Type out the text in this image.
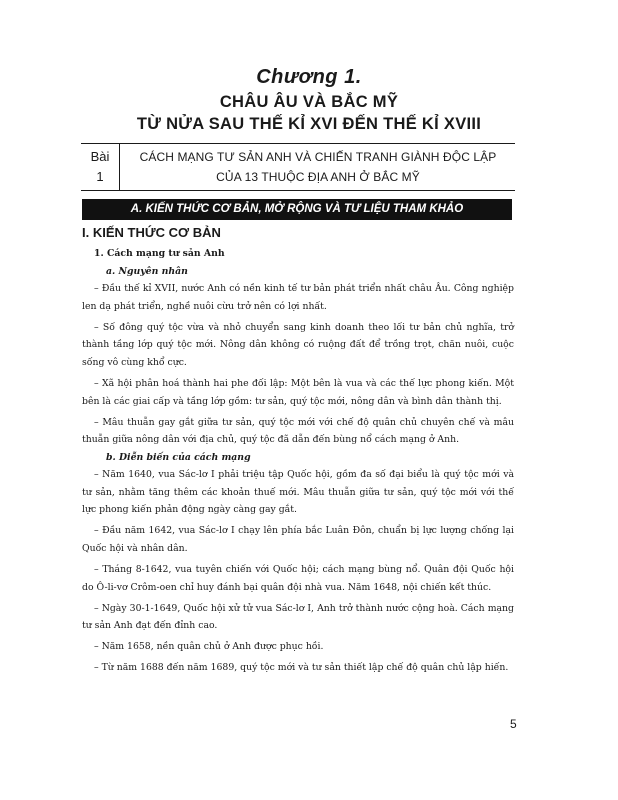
Chương 1.
CHÂU ÂU VÀ BẮC MỸ
TỪ NỬA SAU THẾ KỈ XVI ĐẾN THẾ KỈ XVIII
Bài
1
CÁCH MẠNG TƯ SẢN ANH VÀ CHIẾN TRANH GIÀNH ĐỘC LẬP
CỦA 13 THUỘC ĐỊA ANH Ở BẮC MỸ
A. KIẾN THỨC CƠ BẢN, MỞ RỘNG VÀ TƯ LIỆU THAM KHẢO
I. KIẾN THỨC CƠ BẢN

1. Cách mạng tư sản Anh

a. Nguyên nhân

– Đầu thế kỉ XVII, nước Anh có nền kinh tế tư bản phát triển nhất châu Âu. Công nghiệp len dạ phát triển, nghề nuôi cừu trở nên có lợi nhất.

– Số đông quý tộc vừa và nhỏ chuyển sang kinh doanh theo lối tư bản chủ nghĩa, trở thành tầng lớp quý tộc mới. Nông dân không có ruộng đất để trồng trọt, chăn nuôi, cuộc sống vô cùng khổ cực.

– Xã hội phân hoá thành hai phe đối lập: Một bên là vua và các thế lực phong kiến. Một bên là các giai cấp và tầng lớp gồm: tư sản, quý tộc mới, nông dân và bình dân thành thị.

– Mâu thuẫn gay gắt giữa tư sản, quý tộc mới với chế độ quân chủ chuyên chế và mâu thuẫn giữa nông dân với địa chủ, quý tộc đã dẫn đến bùng nổ cách mạng ở Anh.

b. Diễn biến của cách mạng

– Năm 1640, vua Sác-lơ I phải triệu tập Quốc hội, gồm đa số đại biểu là quý tộc mới và tư sản, nhằm tăng thêm các khoản thuế mới. Mâu thuẫn giữa tư sản, quý tộc mới với thế lực phong kiến phản động ngày càng gay gắt.

– Đầu năm 1642, vua Sác-lơ I chạy lên phía bắc Luân Đôn, chuẩn bị lực lượng chống lại Quốc hội và nhân dân.

– Tháng 8-1642, vua tuyên chiến với Quốc hội; cách mạng bùng nổ. Quân đội Quốc hội do Ô-li-vơ Crôm-oen chỉ huy đánh bại quân đội nhà vua. Năm 1648, nội chiến kết thúc.

– Ngày 30-1-1649, Quốc hội xử tử vua Sác-lơ I, Anh trở thành nước cộng hoà. Cách mạng tư sản Anh đạt đến đỉnh cao.

– Năm 1658, nền quân chủ ở Anh được phục hồi.

– Từ năm 1688 đến năm 1689, quý tộc mới và tư sản thiết lập chế độ quân chủ lập hiến.

5
